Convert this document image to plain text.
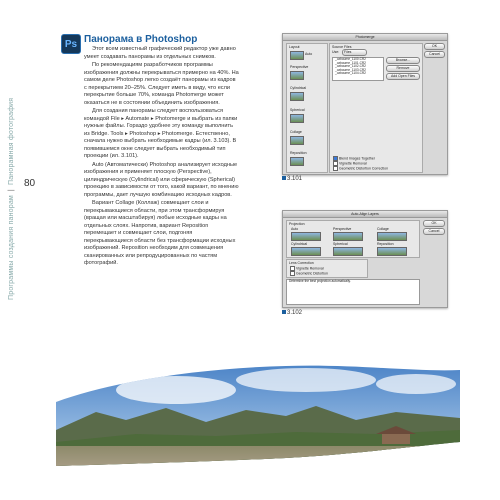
Программы создания панорам|Панорамная фотография 80
Ps Панорама в Photoshop

Этот всем известный графический редактор уже давно умеет создавать панорамы из отдельных снимков.

По рекомендациям разработчиков программы изображения должны перекрываться примерно на 40%. На самом деле Photoshop легко создаёт панорамы из кадров с перекрытием 20–25%. Следует иметь в виду, что если перекрытие больше 70%, команда Photomerge может оказаться не в состоянии объединить изображения.

Для создания панорамы следует воспользоваться командой File ▸ Automate ▸ Photomerge и выбрать из папки нужные файлы. Гораздо удобнее эту команду выполнить из Bridge. Tools ▸ Photoshop ▸ Photomerge. Естественно, сначала нужно выбрать необходимые кадры (ил. 3.103). В появившемся окне следует выбрать необходимый тип проекции (ил. 3.101).

Auto (Автоматически) Photoshop анализирует исходные изображения и применяет плоскую (Perspective), цилиндрическую (Cylindrical) или сферическую (Spherical) проекцию в зависимости от того, какой вариант, по мнению программы, дает лучшую комбинацию исходных кадров.

Вариант Collage (Коллаж) совмещает слои и перекрывающиеся области, при этом трансформируя (вращая или масштабируя) любые исходные кадры на отдельных слоях. Напротив, вариант Reposition перемещает и совмещает слои, подгоняя перекрывающиеся области без трансформации исходных изображений. Reposition необходим для совмещения сканированных или репродуцированных по частям фотографий.

Photomerge
Layout
Auto
Perspective
Cylindrical
Spherical
Collage
Reposition
Source Files
Use:	Files
_ozbourne_1100.CR2
_ozbourne_1101.CR2
_ozbourne_1102.CR2
_ozbourne_1103.CR2
_ozbourne_1104.CR2
Browse...
Remove
Add Open Files
Blend Images Together
Vignette Removal
Geometric Distortion Correction
OK
Cancel
3.101
Auto-Align Layers
Projection
Auto	Perspective	Collage
Cylindrical	Spherical	Reposition
OK
Cancel
Lens Correction
Vignette Removal
Geometric Distortion
Determine the best projection automatically.
3.102
